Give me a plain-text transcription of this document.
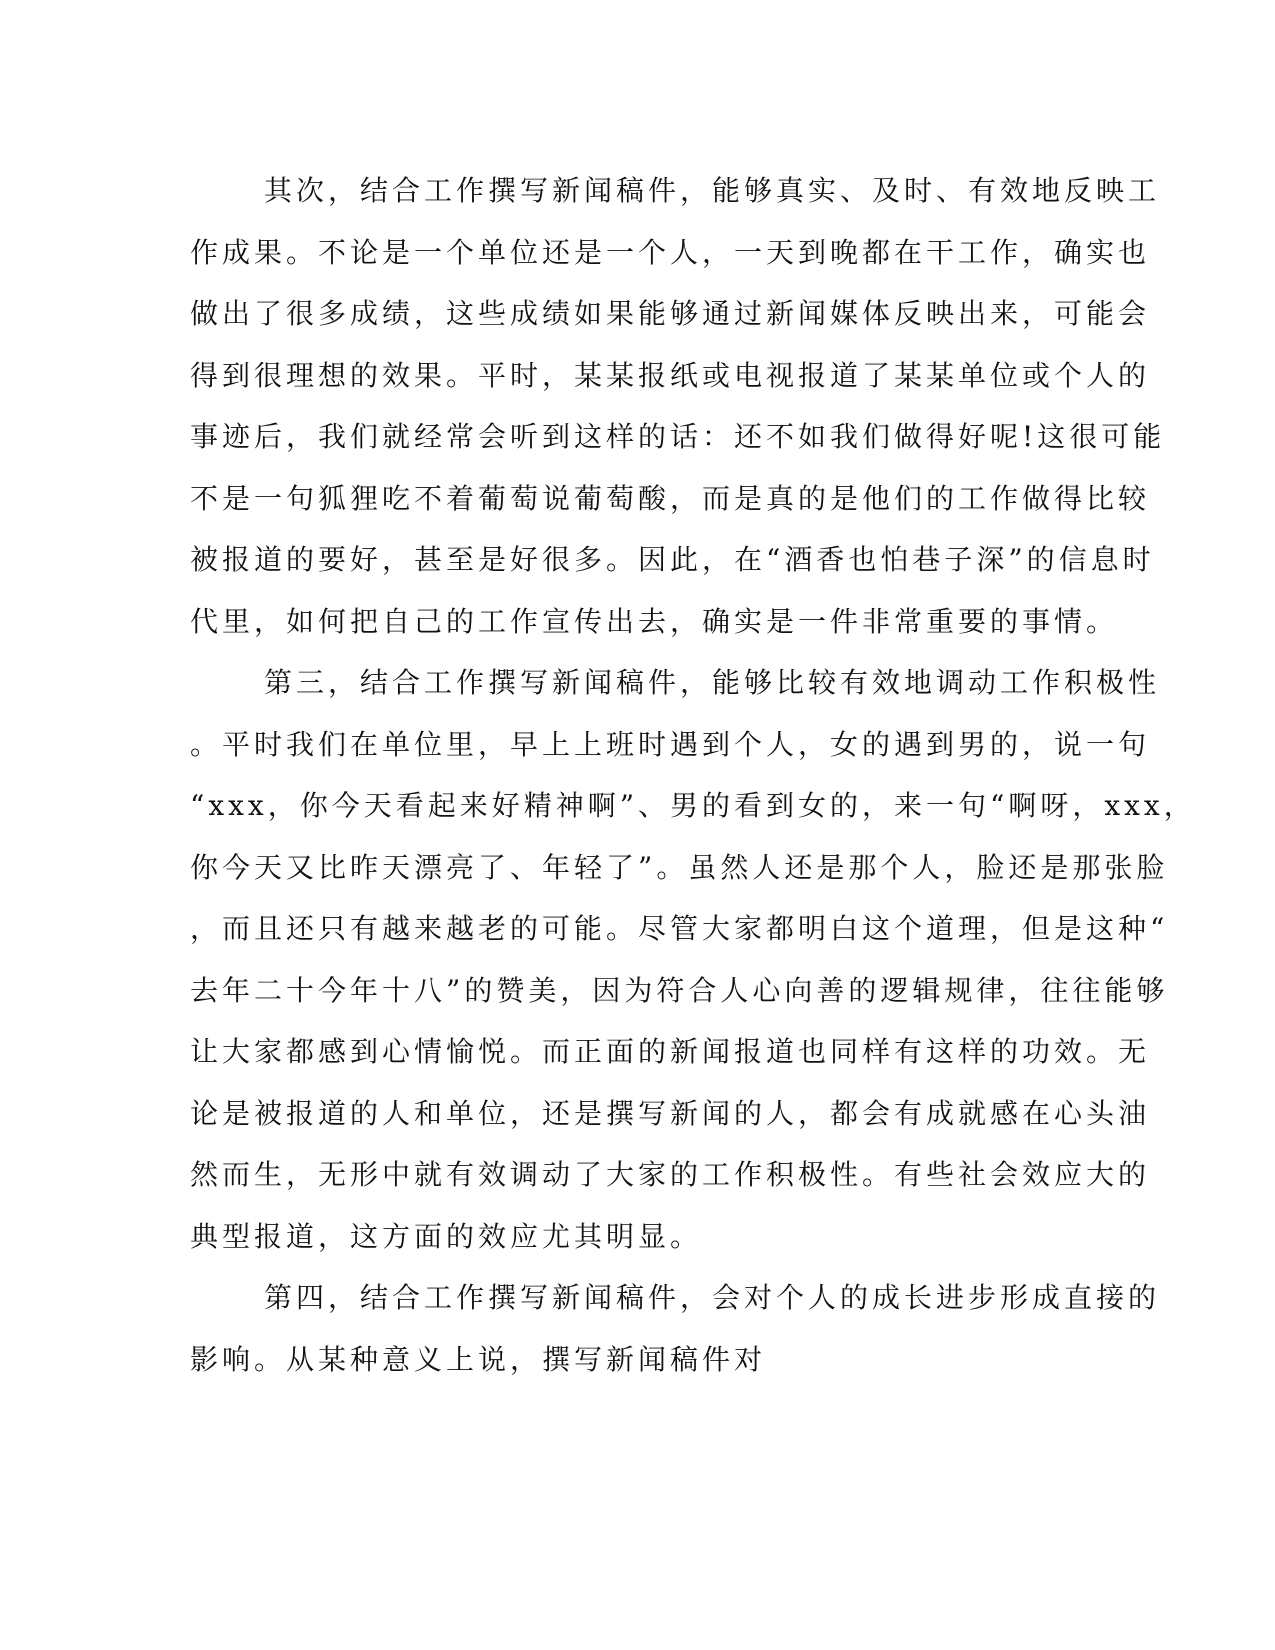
其次，结合工作撰写新闻稿件，能够真实、及时、有效地反映工
作成果。不论是一个单位还是一个人，一天到晚都在干工作，确实也
做出了很多成绩，这些成绩如果能够通过新闻媒体反映出来，可能会
得到很理想的效果。平时，某某报纸或电视报道了某某单位或个人的
事迹后，我们就经常会听到这样的话：还不如我们做得好呢!这很可能
不是一句狐狸吃不着葡萄说葡萄酸，而是真的是他们的工作做得比较
被报道的要好，甚至是好很多。因此，在“酒香也怕巷子深”的信息时
代里，如何把自己的工作宣传出去，确实是一件非常重要的事情。

第三，结合工作撰写新闻稿件，能够比较有效地调动工作积极性
。平时我们在单位里，早上上班时遇到个人，女的遇到男的，说一句
“xxx，你今天看起来好精神啊”、男的看到女的，来一句“啊呀，xxx，
你今天又比昨天漂亮了、年轻了”。虽然人还是那个人，脸还是那张脸
，而且还只有越来越老的可能。尽管大家都明白这个道理，但是这种“
去年二十今年十八”的赞美，因为符合人心向善的逻辑规律，往往能够
让大家都感到心情愉悦。而正面的新闻报道也同样有这样的功效。无
论是被报道的人和单位，还是撰写新闻的人，都会有成就感在心头油
然而生，无形中就有效调动了大家的工作积极性。有些社会效应大的
典型报道，这方面的效应尤其明显。

第四，结合工作撰写新闻稿件，会对个人的成长进步形成直接的
影响。从某种意义上说，撰写新闻稿件对
